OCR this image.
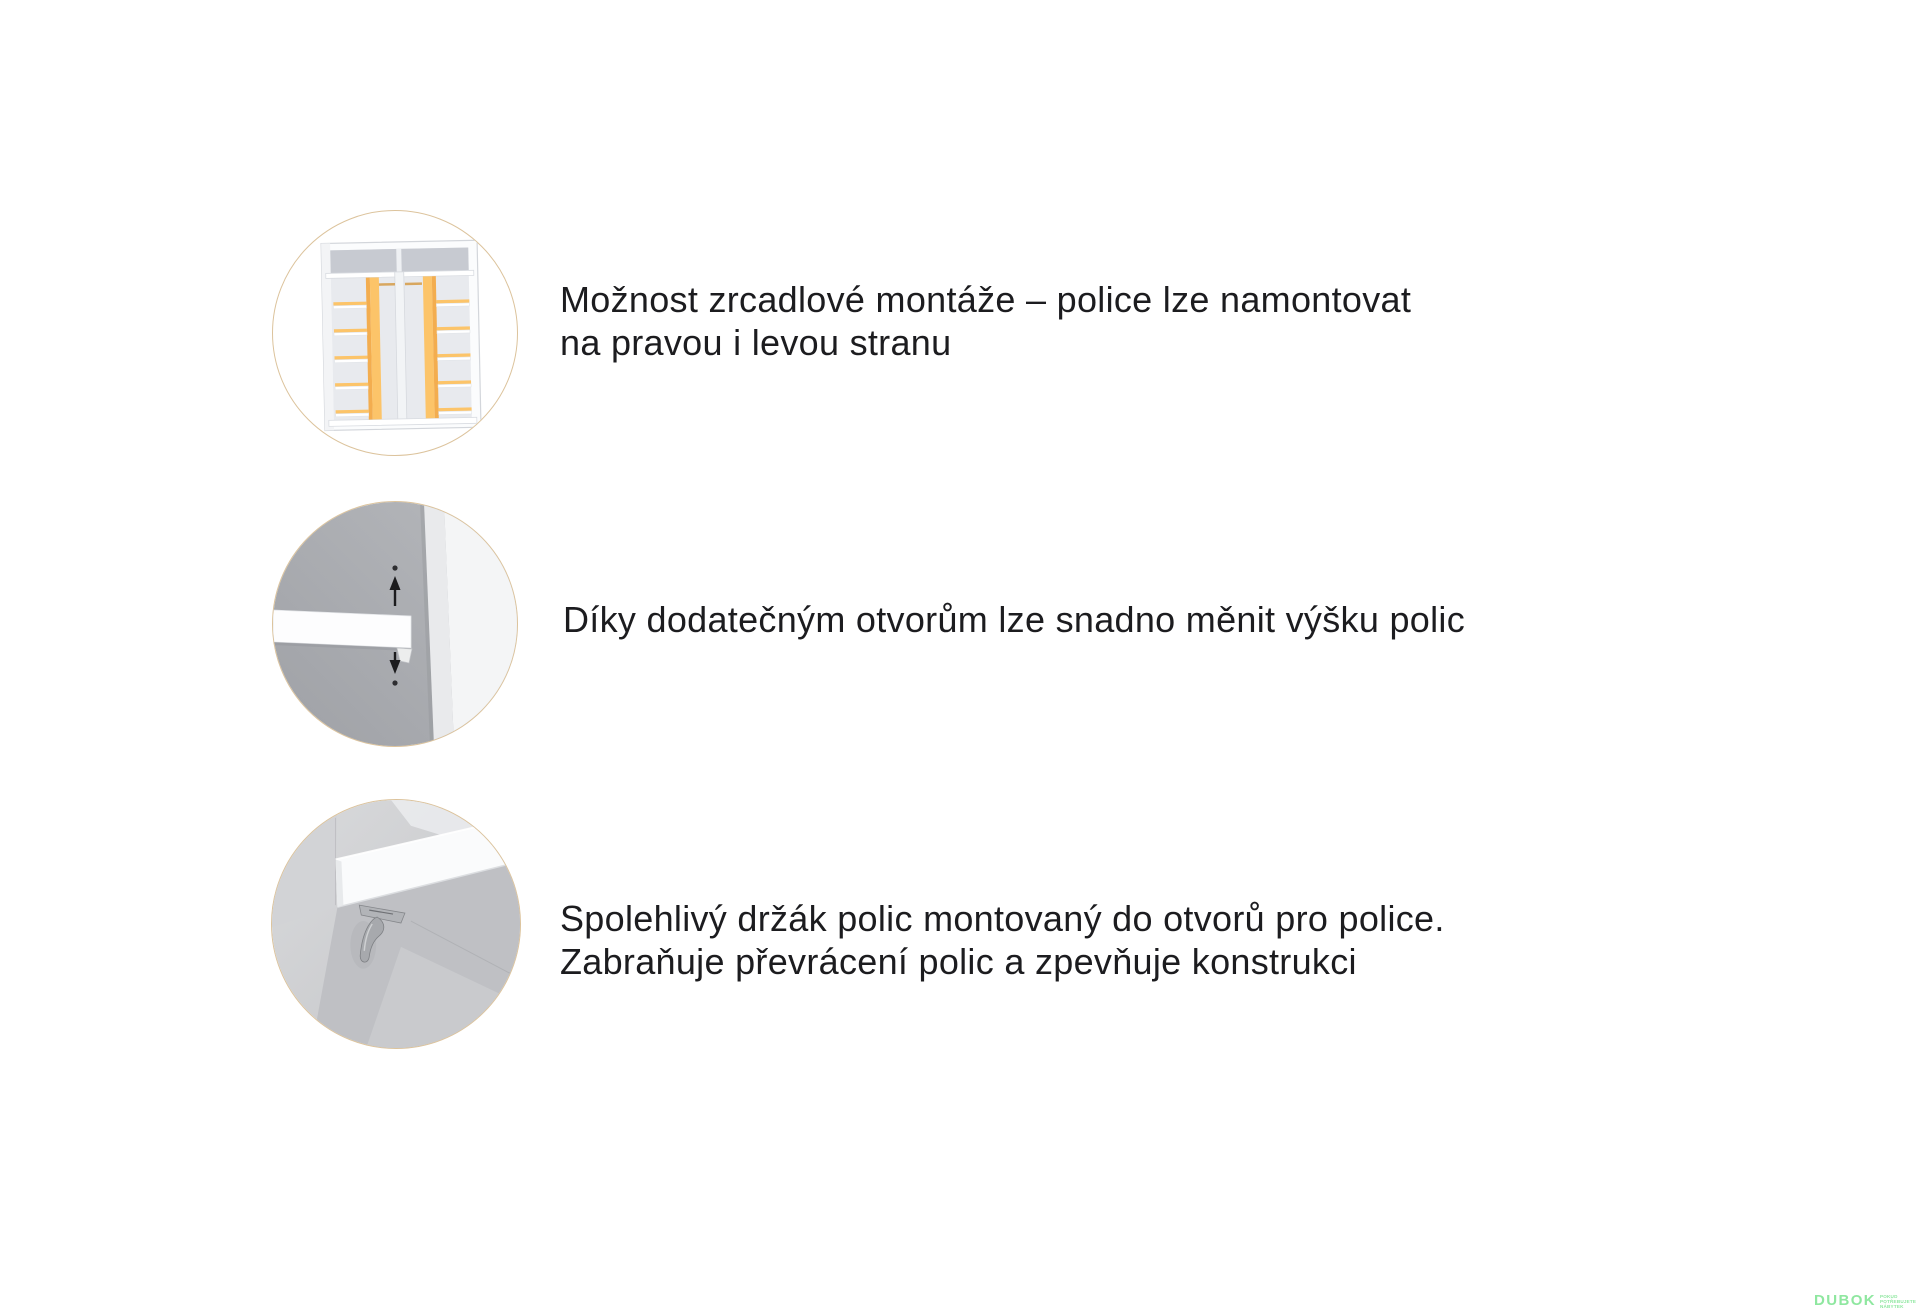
Možnost zrcadlové montáže – police lze namontovat
na pravou i levou stranu
Díky dodatečným otvorům lze snadno měnit výšku polic
Spolehlivý držák polic montovaný do otvorů pro police.
Zabraňuje převrácení polic a zpevňuje konstrukci
DUBOK POKUD
POTŘEBUJETE
NÁBYTEK
